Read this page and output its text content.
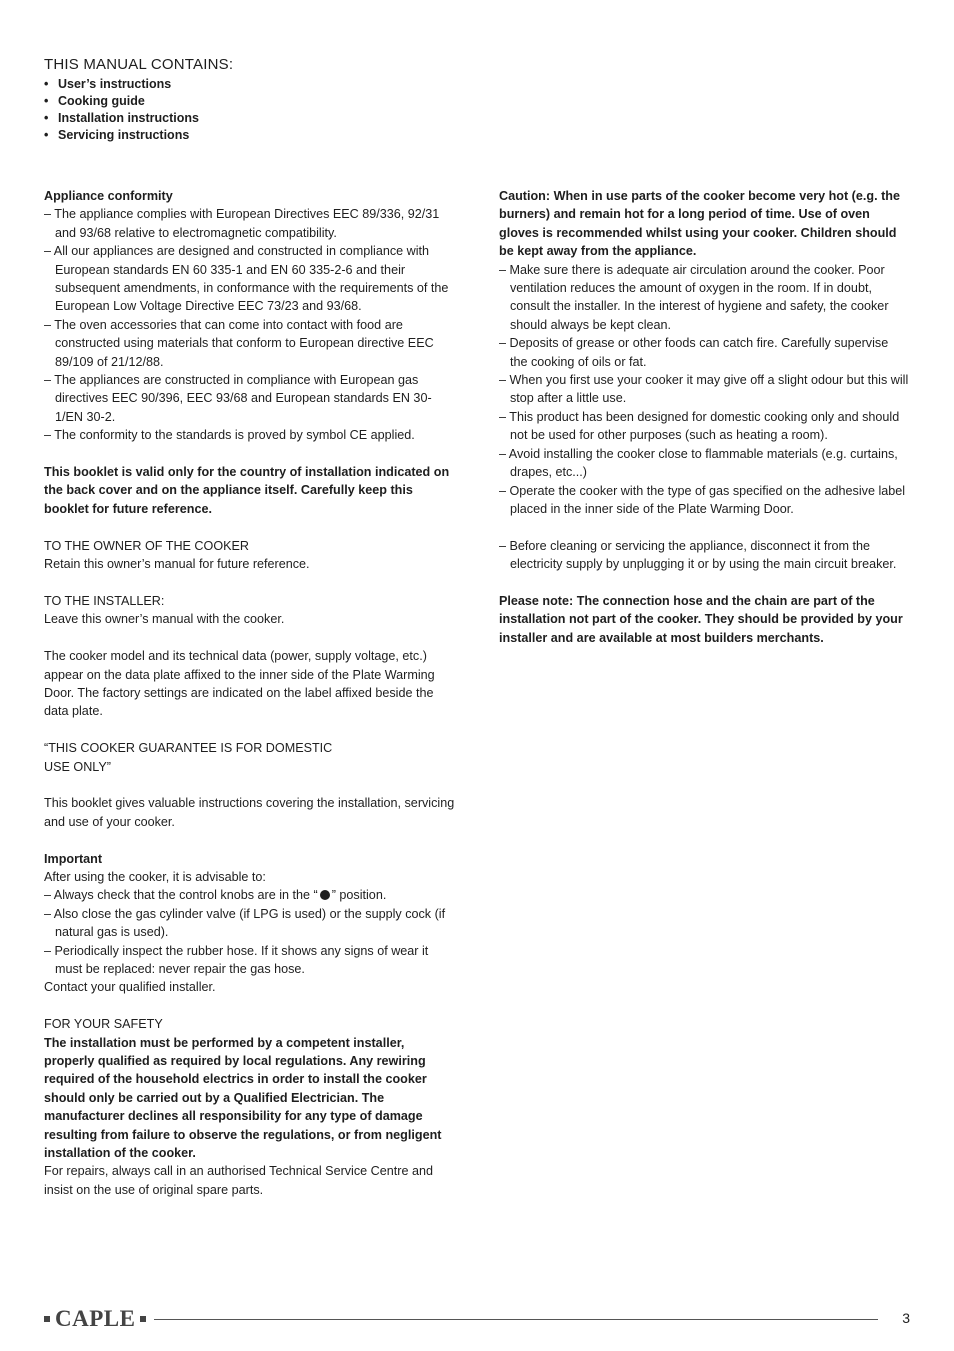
THIS MANUAL CONTAINS:
• User’s instructions
• Cooking guide
• Installation instructions
• Servicing instructions

Appliance conformity

– The appliance complies with European Directives EEC 89/336, 92/31 and 93/68 relative to electromagnetic compatibility.

– All our appliances are designed and constructed in compliance with European standards EN 60 335-1 and EN 60 335-2-6 and their subsequent amendments, in conformance with the requirements of the European Low Voltage Directive EEC 73/23 and 93/68.

– The oven accessories that can come into contact with food are constructed using materials that conform to European directive EEC 89/109 of 21/12/88.

– The appliances are constructed in compliance with European gas directives EEC 90/396, EEC 93/68 and European standards EN 30-1/EN 30-2.

– The conformity to the standards is proved by symbol CE applied.

This booklet is valid only for the country of installation indicated on the back cover and on the appliance itself. Carefully keep this booklet for future reference.

TO THE OWNER OF THE COOKER

Retain this owner’s manual for future reference.

TO THE INSTALLER:

Leave this owner’s manual with the cooker.

The cooker model and its technical data (power, supply voltage, etc.) appear on the data plate affixed to the inner side of the Plate Warming Door. The factory settings are indicated on the label affixed beside the data plate.

“THIS COOKER GUARANTEE IS FOR DOMESTIC

USE ONLY”

This booklet gives valuable instructions covering the installation, servicing and use of your cooker.

Important

After using the cooker, it is advisable to:

– Always check that the control knobs are in the “ ” position.

– Also close the gas cylinder valve (if LPG is used) or the supply cock (if natural gas is used).

– Periodically inspect the rubber hose. If it shows any signs of wear it must be replaced: never repair the gas hose.

Contact your qualified installer.

FOR YOUR SAFETY

The installation must be performed by a competent installer, properly qualified as required by local regulations. Any rewiring required of the household electrics in order to install the cooker should only be carried out by a Qualified Electrician. The manufacturer declines all responsibility for any type of damage resulting from failure to observe the regulations, or from negligent installation of the cooker.

For repairs, always call in an authorised Technical Service Centre and insist on the use of original spare parts.

Caution: When in use parts of the cooker become very hot (e.g. the burners) and remain hot for a long period of time. Use of oven gloves is recommended whilst using your cooker. Children should be kept away from the appliance.

– Make sure there is adequate air circulation around the cooker. Poor ventilation reduces the amount of oxygen in the room. If in doubt, consult the installer. In the interest of hygiene and safety, the cooker should always be kept clean.

– Deposits of grease or other foods can catch fire. Carefully supervise the cooking of oils or fat.

– When you first use your cooker it may give off a slight odour but this will stop after a little use.

– This product has been designed for domestic cooking only and should not be used for other purposes (such as heating a room).

– Avoid installing the cooker close to flammable materials (e.g. curtains, drapes, etc...)

– Operate the cooker with the type of gas specified on the adhesive label placed in the inner side of the Plate Warming Door.

– Before cleaning or servicing the appliance, disconnect it from the electricity supply by unplugging it or by using the main circuit breaker.

Please note: The connection hose and the chain are part of the installation not part of the cooker. They should be provided by your installer and are available at most builders merchants.

CAPLE	3
